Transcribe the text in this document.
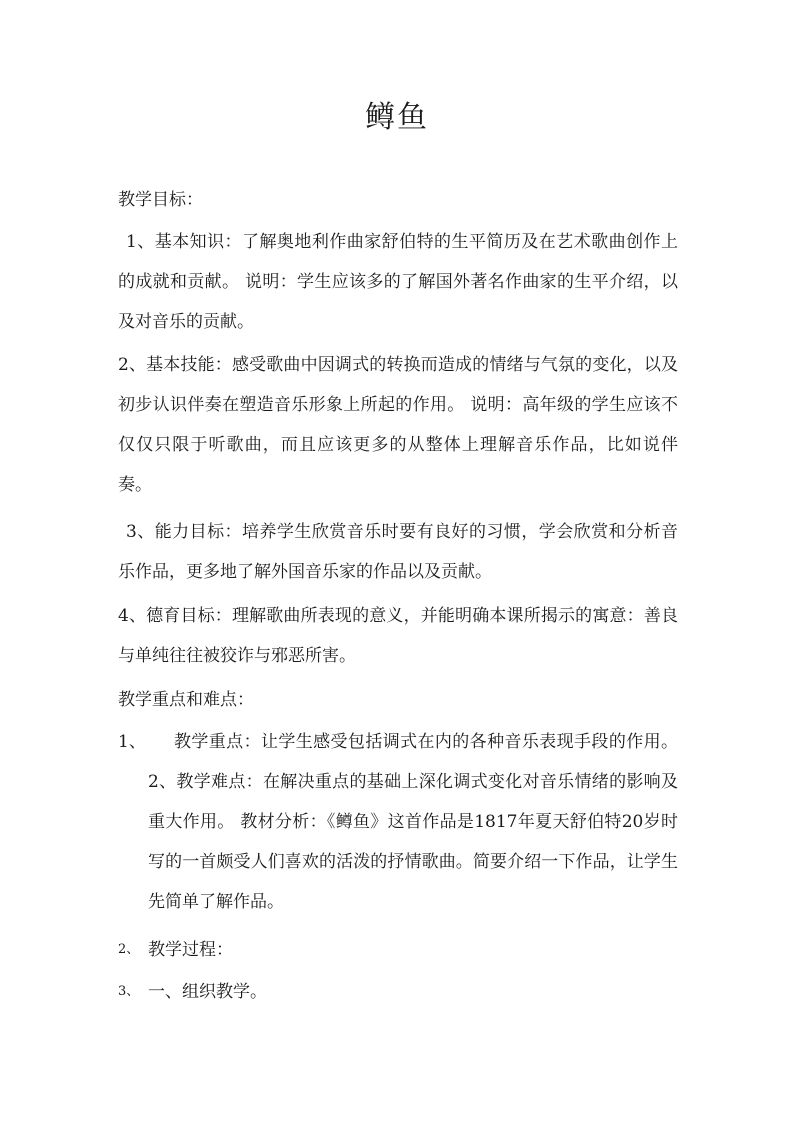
鳟鱼
教学目标：
1、基本知识：了解奥地利作曲家舒伯特的生平简历及在艺术歌曲创作上的成就和贡献。 说明：学生应该多的了解国外著名作曲家的生平介绍，以及对音乐的贡献。
2、基本技能：感受歌曲中因调式的转换而造成的情绪与气氛的变化，以及初步认识伴奏在塑造音乐形象上所起的作用。 说明：高年级的学生应该不仅仅只限于听歌曲，而且应该更多的从整体上理解音乐作品，比如说伴奏。
3、能力目标：培养学生欣赏音乐时要有良好的习惯，学会欣赏和分析音乐作品，更多地了解外国音乐家的作品以及贡献。
4、德育目标：理解歌曲所表现的意义，并能明确本课所揭示的寓意：善良与单纯往往被狡诈与邪恶所害。
教学重点和难点：
1、	教学重点：让学生感受包括调式在内的各种音乐表现手段的作用。 2、教学难点：在解决重点的基础上深化调式变化对音乐情绪的影响及重大作用。 教材分析：《鳟鱼》这首作品是1817年夏天舒伯特20岁时写的一首颇受人们喜欢的活泼的抒情歌曲。简要介绍一下作品，让学生先简单了解作品。
2、 教学过程：
3、 一、组织教学。
